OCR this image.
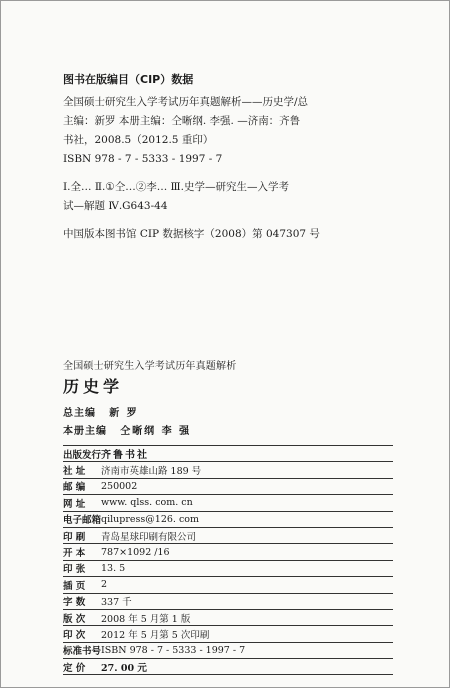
图书在版编目（CIP）数据
全国硕士研究生入学考试历年真题解析——历史学/总
主编：新罗 本册主编：仝晰纲. 李强. —济南：齐鲁
书社，2008.5（2012.5 重印）
ISBN 978 - 7 - 5333 - 1997 - 7
Ⅰ.全… Ⅱ.①仝…②李… Ⅲ.史学—研究生—入学考
试—解题 Ⅳ.G643-44
中国版本图书馆 CIP 数据核字（2008）第 047307 号
全国硕士研究生入学考试历年真题解析
历史学
总主编 新 罗
本册主编 仝晰纲 李 强
出版发行 齐鲁书社
社 址	济南市英雄山路 189 号
邮 编	250002
网 址	www. qlss. com. cn
电子邮箱 qilupress@126. com
印 刷	青岛星球印刷有限公司
开 本	787×1092 /16
印 张	13. 5
插 页	2
字 数	337 千
版 次	2008 年 5 月第 1 版
印 次	2012 年 5 月第 5 次印刷
标准书号 ISBN 978 - 7 - 5333 - 1997 - 7
定 价	27. 00 元
